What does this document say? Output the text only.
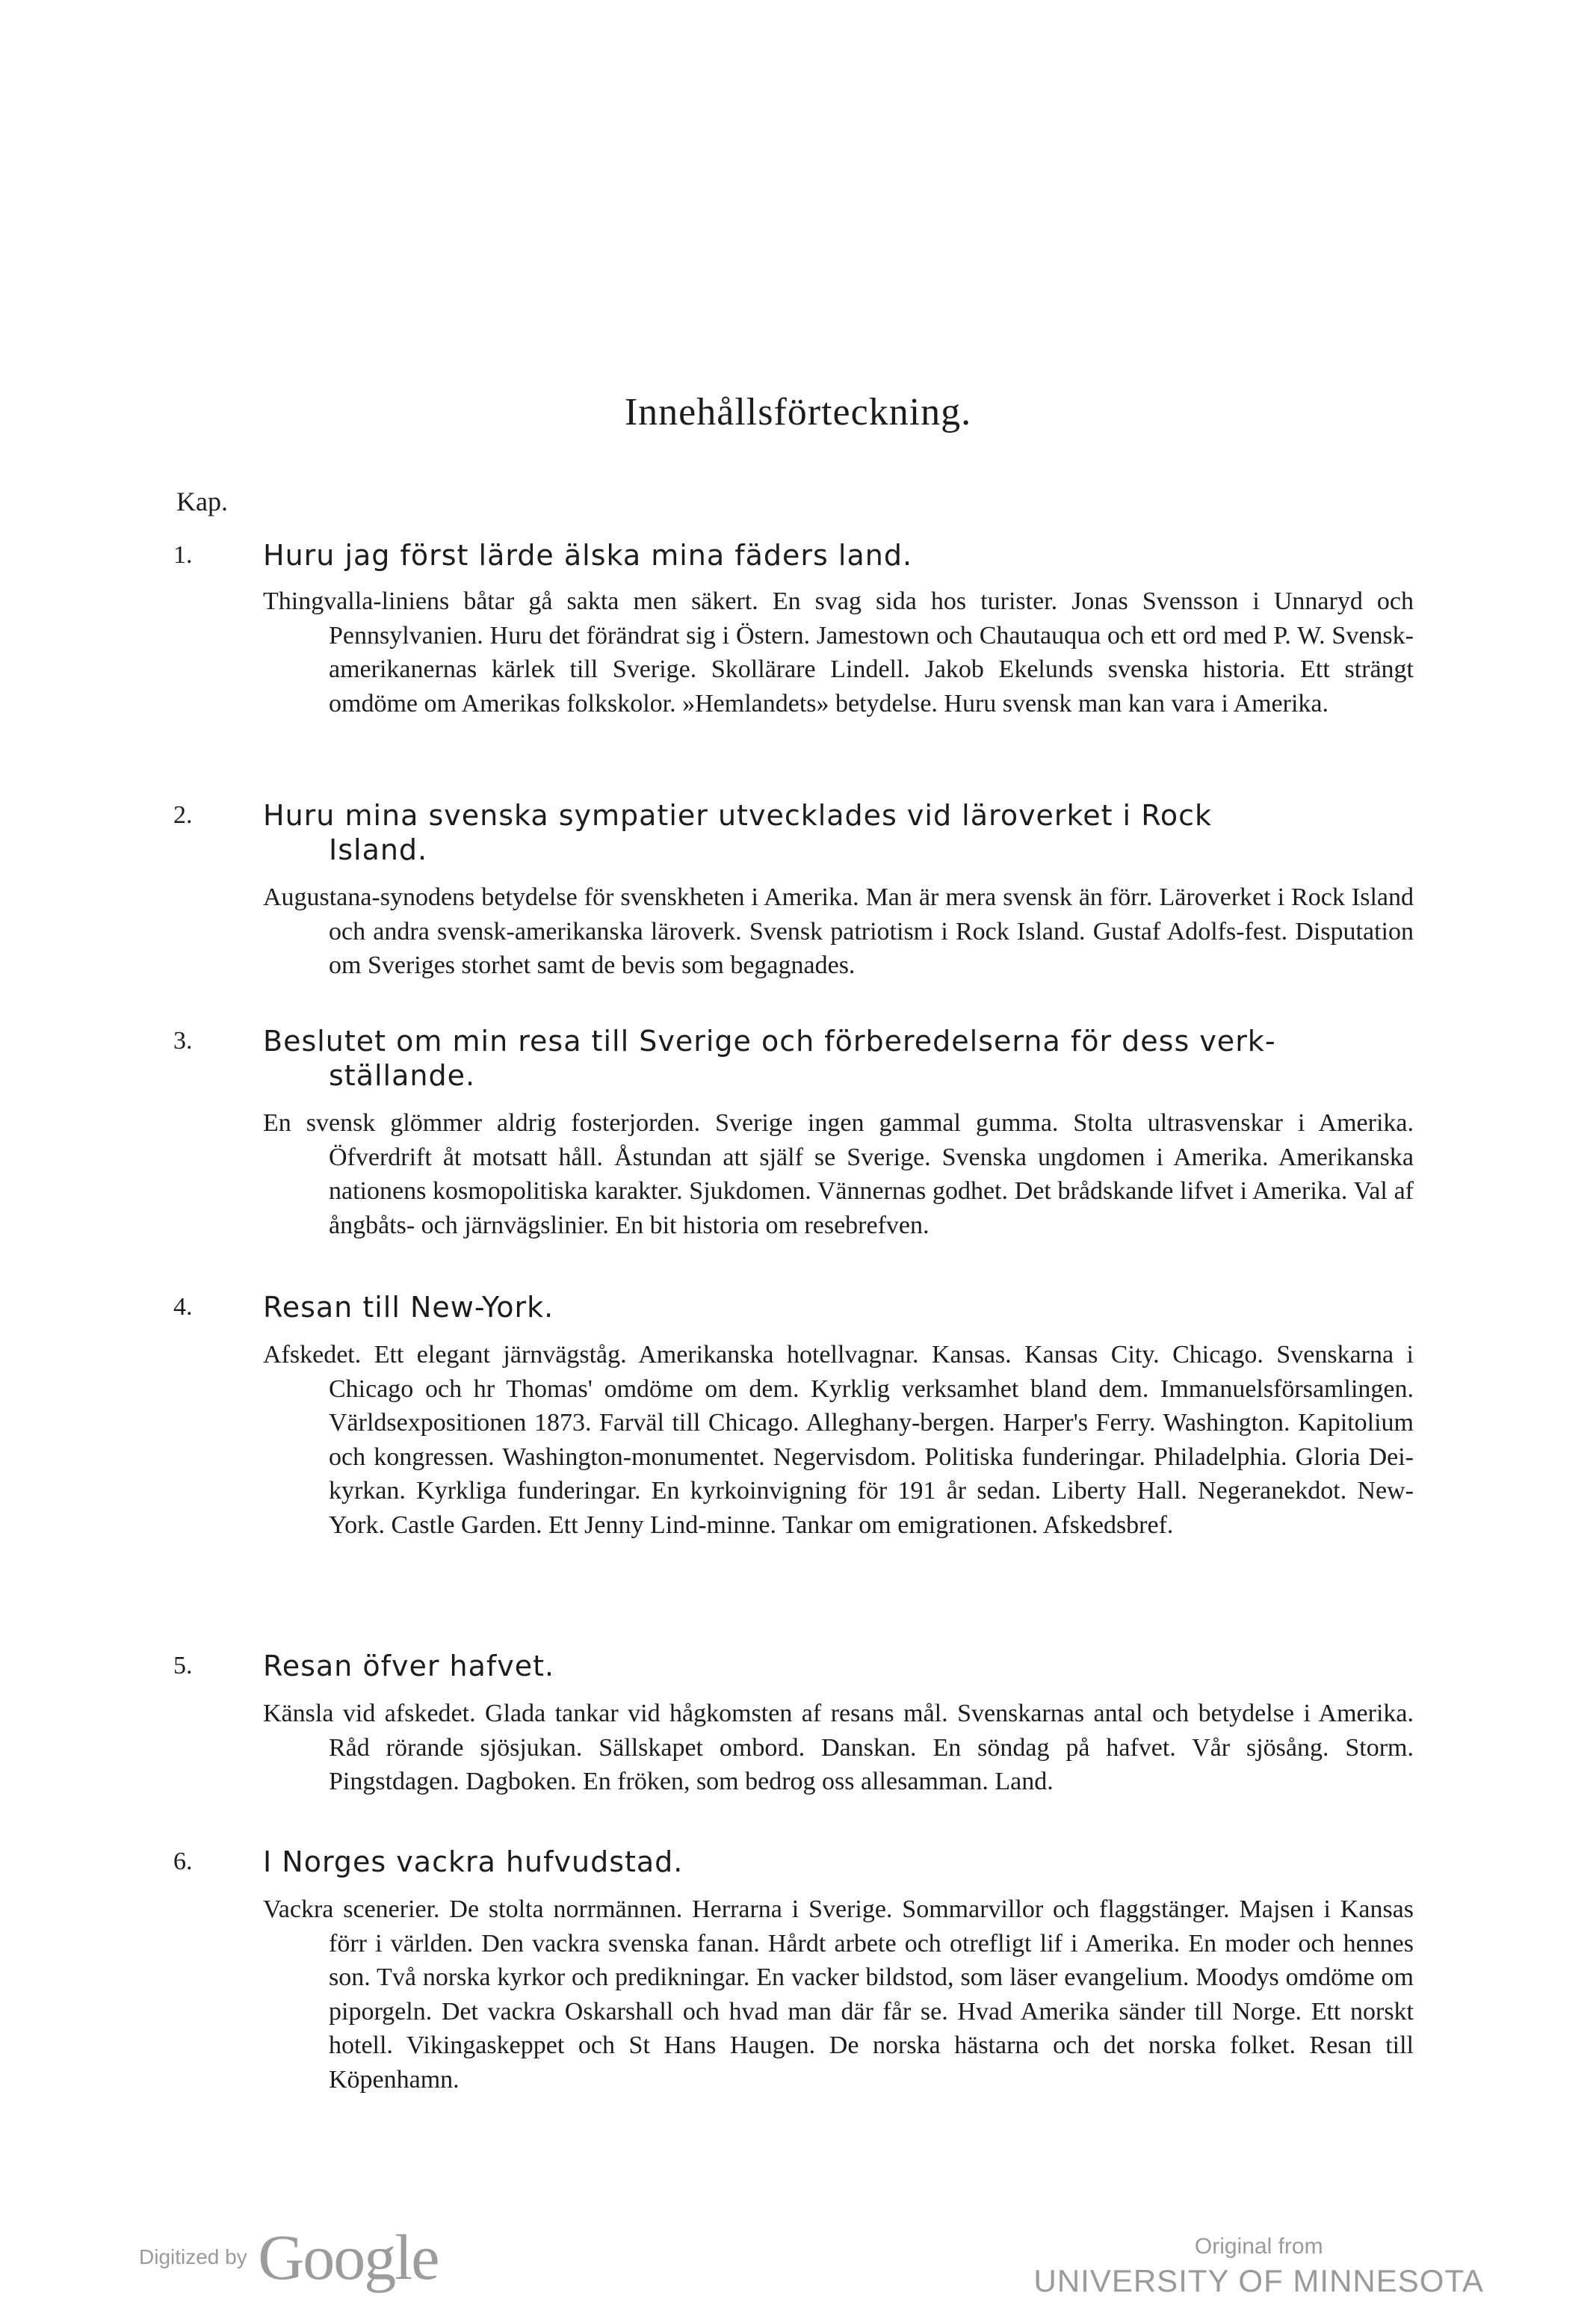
Innehållsförteckning.
Kap.
1. Huru jag först lärde älska mina fäders land.

Thingvalla-liniens båtar gå sakta men säkert. En svag sida hos turister. Jonas Svensson i Unnaryd och Pennsylvanien. Huru det förändrat sig i Östern. Jamestown och Chautauqua och ett ord med P. W. Svensk-amerikanernas kärlek till Sverige. Skollärare Lindell. Jakob Ekelunds svenska historia. Ett strängt omdöme om Amerikas folkskolor. »Hemlandets» betydelse. Huru svensk man kan vara i Amerika.

2. Huru mina svenska sympatier utvecklades vid läroverket i Rock
Island.

Augustana-synodens betydelse för svenskheten i Amerika. Man är mera svensk än förr. Läroverket i Rock Island och andra svensk-amerikanska läroverk. Svensk patriotism i Rock Island. Gustaf Adolfs-fest. Disputation om Sveriges storhet samt de bevis som begagnades.

3. Beslutet om min resa till Sverige och förberedelserna för dess verk-
ställande.

En svensk glömmer aldrig fosterjorden. Sverige ingen gammal gumma. Stolta ultrasvenskar i Amerika. Öfverdrift åt motsatt håll. Åstundan att själf se Sverige. Svenska ungdomen i Amerika. Amerikanska nationens kosmopolitiska karakter. Sjukdomen. Vännernas godhet. Det brådskande lifvet i Amerika. Val af ångbåts- och järnvägslinier. En bit historia om resebrefven.

4. Resan till New-York.

Afskedet. Ett elegant järnvägståg. Amerikanska hotellvagnar. Kansas. Kansas City. Chicago. Svenskarna i Chicago och hr Thomas' omdöme om dem. Kyrklig verksamhet bland dem. Immanuelsförsamlingen. Världsexpositionen 1873. Farväl till Chicago. Alleghany-bergen. Harper's Ferry. Washington. Kapitolium och kongressen. Washington-monumentet. Negervisdom. Politiska funderingar. Philadelphia. Gloria Dei-kyrkan. Kyrkliga funderingar. En kyrkoinvigning för 191 år sedan. Liberty Hall. Negeranekdot. New-York. Castle Garden. Ett Jenny Lind-minne. Tankar om emigrationen. Afskedsbref.

5. Resan öfver hafvet.

Känsla vid afskedet. Glada tankar vid hågkomsten af resans mål. Svenskarnas antal och betydelse i Amerika. Råd rörande sjösjukan. Sällskapet ombord. Danskan. En söndag på hafvet. Vår sjösång. Storm. Pingstdagen. Dagboken. En fröken, som bedrog oss allesamman. Land.

6. I Norges vackra hufvudstad.

Vackra scenerier. De stolta norrmännen. Herrarna i Sverige. Sommarvillor och flaggstänger. Majsen i Kansas förr i världen. Den vackra svenska fanan. Hårdt arbete och otrefligt lif i Amerika. En moder och hennes son. Två norska kyrkor och predikningar. En vacker bildstod, som läser evangelium. Moodys omdöme om piporgeln. Det vackra Oskarshall och hvad man där får se. Hvad Amerika sänder till Norge. Ett norskt hotell. Vikingaskeppet och St Hans Haugen. De norska hästarna och det norska folket. Resan till Köpenhamn.

Digitized by Google	Original from
UNIVERSITY OF MINNESOTA
